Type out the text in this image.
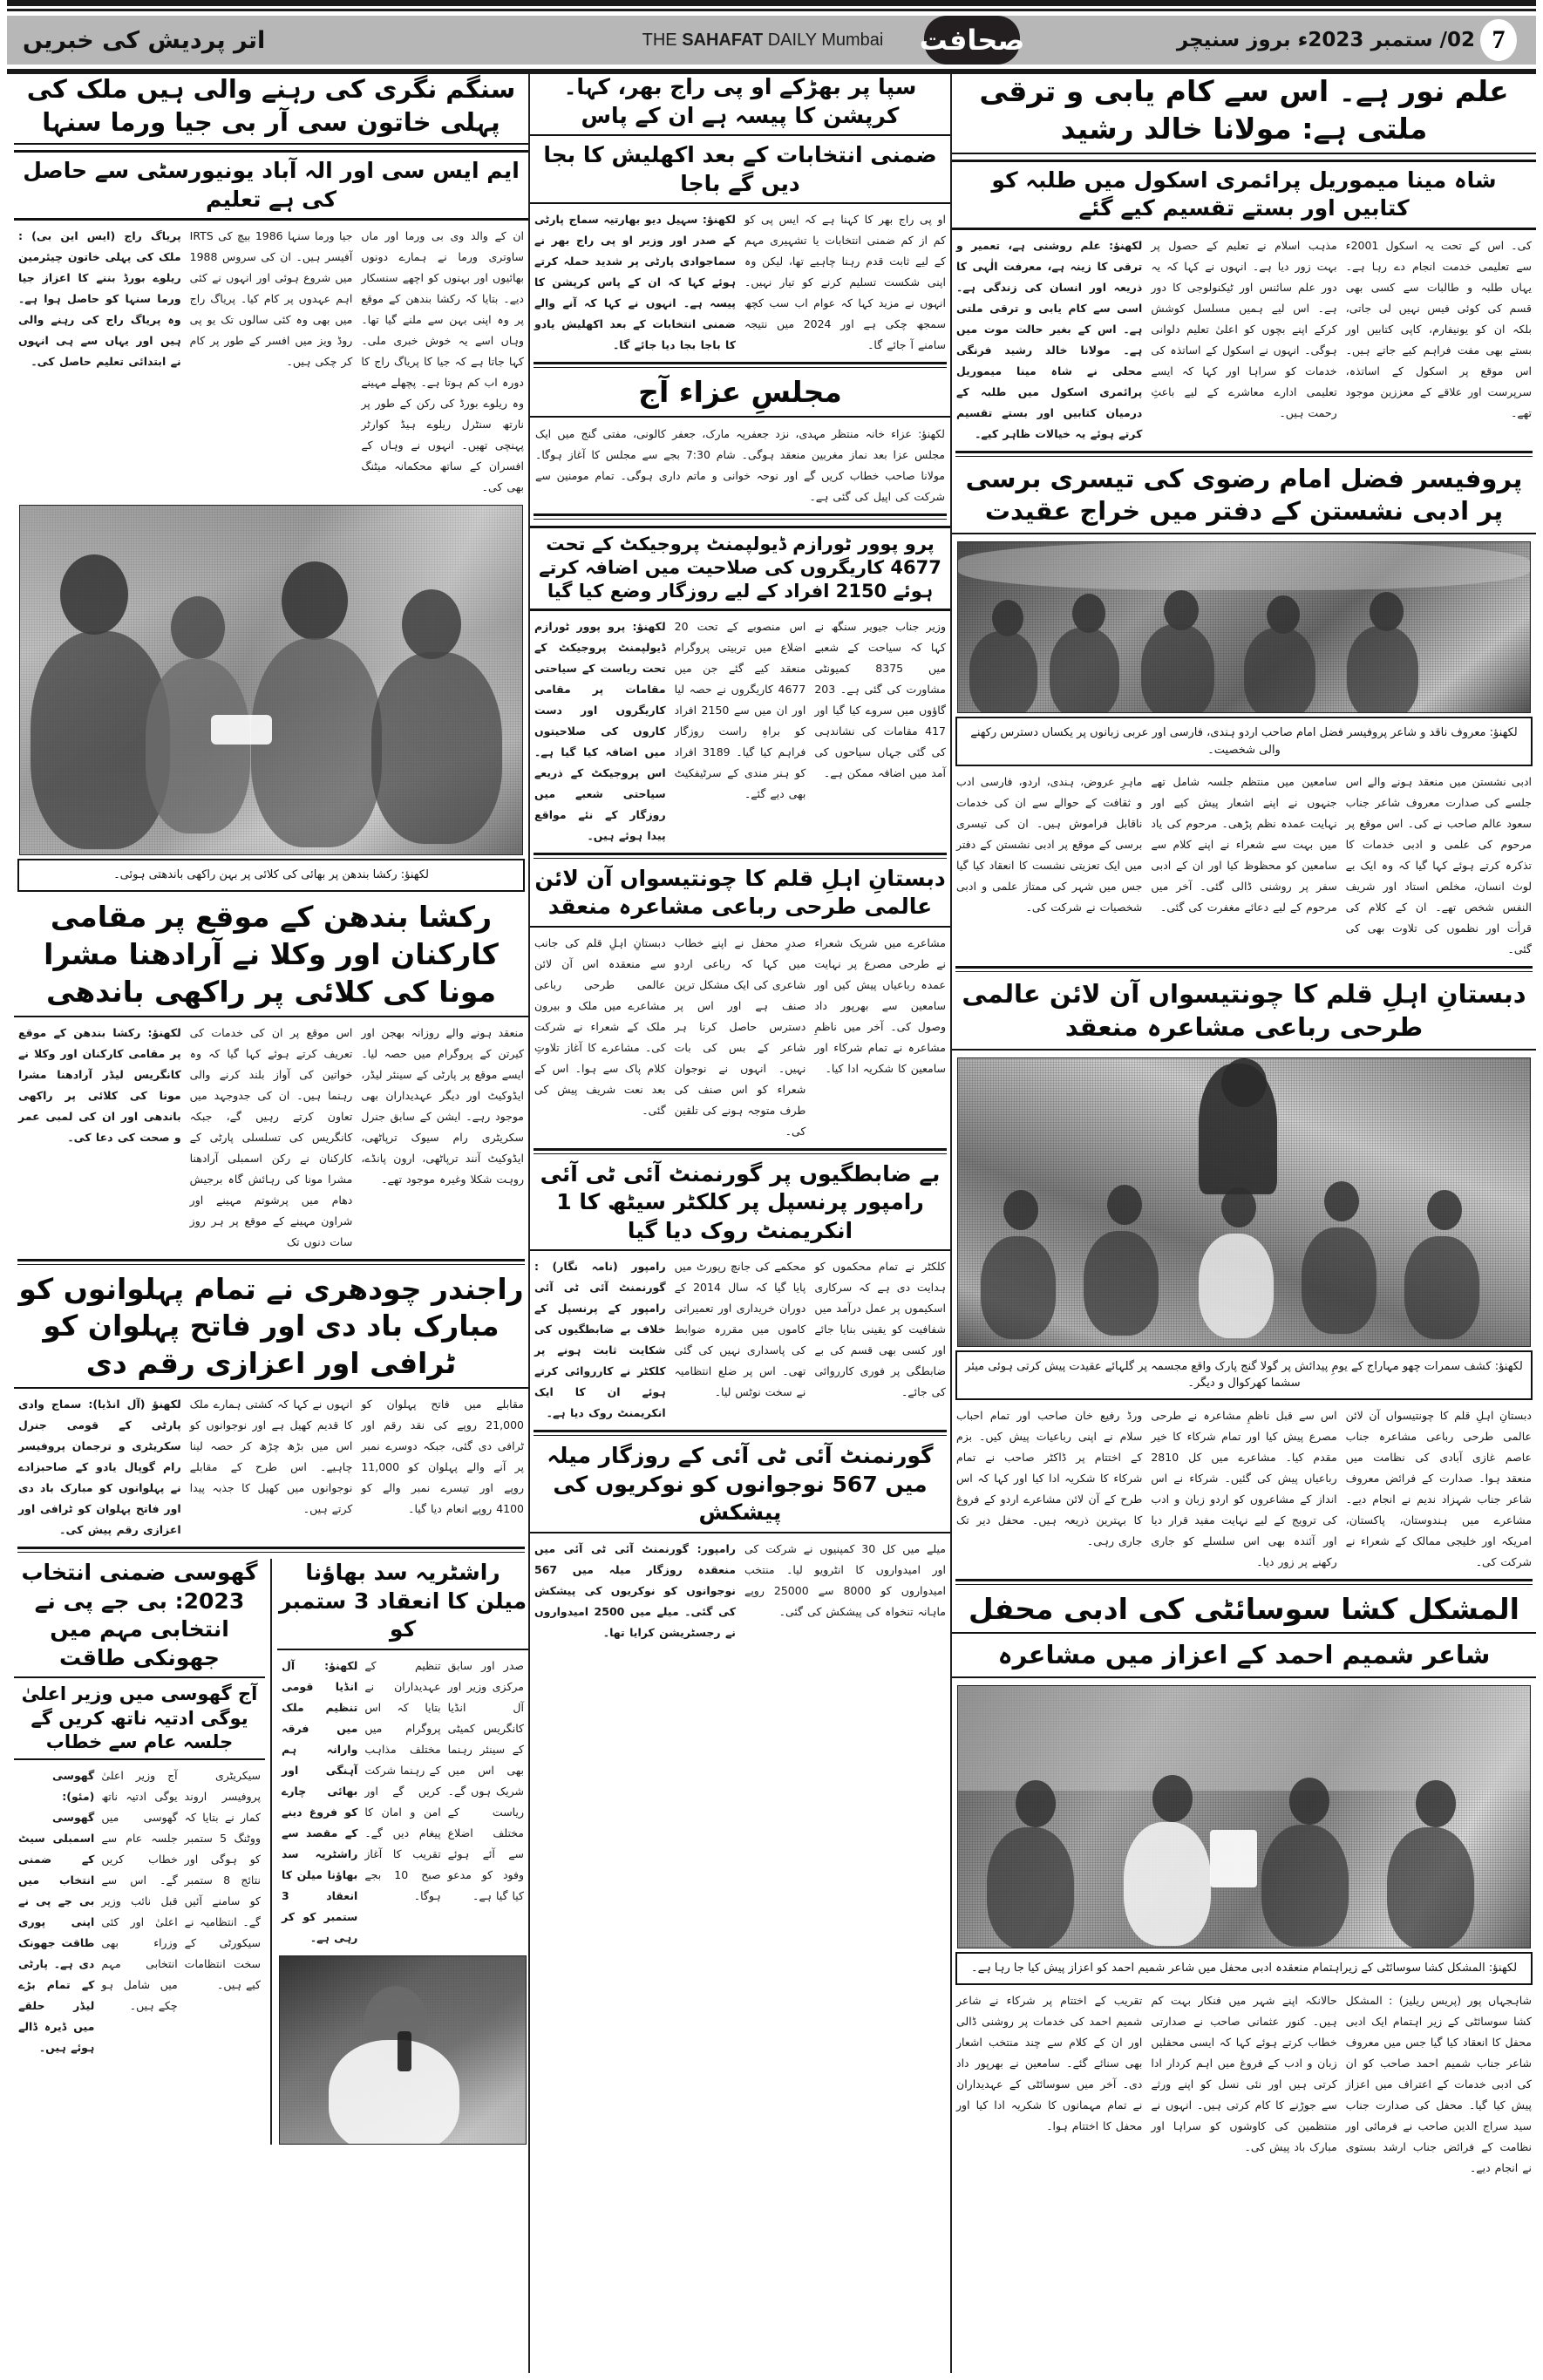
7
02/ ستمبر 2023ء بروز سنیچر
صحافت
THE SAHAFAT DAILY Mumbai
اتر پردیش کی خبریں
علم نور ہے۔ اس سے کام یابی و ترقی ملتی ہے: مولانا خالد رشید
شاہ مینا میموریل پرائمری اسکول میں طلبہ کو کتابیں اور بستے تقسیم کیے گئے
کی۔ اس کے تحت یہ اسکول 2001ء سے تعلیمی خدمت انجام دے رہا ہے۔ یہاں طلبہ و طالبات سے کسی بھی قسم کی کوئی فیس نہیں لی جاتی، بلکہ ان کو یونیفارم، کاپی کتابیں اور بستے بھی مفت فراہم کیے جاتے ہیں۔ اس موقع پر اسکول کے اساتذہ، سرپرست اور علاقے کے معززین موجود تھے۔
مذہب اسلام نے تعلیم کے حصول پر بہت زور دیا ہے۔ انہوں نے کہا کہ یہ دور علم سائنس اور ٹیکنولوجی کا دور ہے۔ اس لیے ہمیں مسلسل کوشش کرکے اپنے بچوں کو اعلیٰ تعلیم دلوانی ہوگی۔ انہوں نے اسکول کے اساتذہ کی خدمات کو سراہا اور کہا کہ ایسے تعلیمی ادارے معاشرے کے لیے باعثِ رحمت ہیں۔
لکھنؤ: علم روشنی ہے، تعمیر و ترقی کا زینہ ہے، معرفت الٰہی کا ذریعہ اور انسان کی زندگی ہے۔ اسی سے کام یابی و ترقی ملتی ہے۔ اس کے بغیر حالت موت میں ہے۔ مولانا خالد رشید فرنگی محلی نے شاہ مینا میموریل پرائمری اسکول میں طلبہ کے درمیان کتابیں اور بستے تقسیم کرتے ہوئے یہ خیالات ظاہر کیے۔
پروفیسر فضل امام رضوی کی تیسری برسی پر ادبی نشستن کے دفتر میں خراج عقیدت
لکھنؤ: معروف ناقد و شاعر پروفیسر فضل امام صاحب اردو ہندی، فارسی اور عربی زبانوں پر یکساں دسترس رکھنے والی شخصیت۔
ادبی نشستن میں منعقد ہونے والے اس جلسے کی صدارت معروف شاعر جناب سعود عالم صاحب نے کی۔ اس موقع پر مرحوم کی علمی و ادبی خدمات کا تذکرہ کرتے ہوئے کہا گیا کہ وہ ایک بے لوث انسان، مخلص استاد اور شریف النفس شخص تھے۔ ان کے کلام کی قرأت اور نظموں کی تلاوت بھی کی گئی۔
سامعین میں منتظم جلسہ شامل تھے جنہوں نے اپنے اشعار پیش کیے اور نہایت عمدہ نظم پڑھی۔ مرحوم کی یاد میں بہت سے شعراء نے اپنے کلام سے سامعین کو محظوظ کیا اور ان کے ادبی سفر پر روشنی ڈالی گئی۔ آخر میں مرحوم کے لیے دعائے مغفرت کی گئی۔
ماہرِ عروض، ہندی، اردو، فارسی ادب و ثقافت کے حوالے سے ان کی خدمات ناقابل فراموش ہیں۔ ان کی تیسری برسی کے موقع پر ادبی نشستن کے دفتر میں ایک تعزیتی نشست کا انعقاد کیا گیا جس میں شہر کی ممتاز علمی و ادبی شخصیات نے شرکت کی۔
دبستانِ اہلِ قلم کا چونتیسواں آن لائن عالمی طرحی رباعی مشاعرہ منعقد
لکھنؤ: کشف سمرات چھو مہاراج کے یومِ پیدائش پر گولا گنج پارک واقع مجسمہ پر گلہائے عقیدت پیش کرتی ہوئی میئر سشما کھرکوال و دیگر۔
دبستانِ اہلِ قلم کا چونتیسواں آن لائن عالمی طرحی رباعی مشاعرہ جناب عاصم غازی آبادی کی نظامت میں منعقد ہوا۔ صدارت کے فرائض معروف شاعر جناب شہزاد ندیم نے انجام دیے۔ مشاعرے میں ہندوستان، پاکستان، امریکہ اور خلیجی ممالک کے شعراء نے شرکت کی۔
اس سے قبل ناظمِ مشاعرہ نے طرحی مصرع پیش کیا اور تمام شرکاء کا خیر مقدم کیا۔ مشاعرے میں کل 2810 رباعیاں پیش کی گئیں۔ شرکاء نے اس انداز کے مشاعروں کو اردو زبان و ادب کی ترویج کے لیے نہایت مفید قرار دیا اور آئندہ بھی اس سلسلے کو جاری رکھنے پر زور دیا۔
ورڈ رفیع خان صاحب اور تمام احباب سلام نے اپنی رباعیات پیش کیں۔ بزم کے اختتام پر ڈاکٹر صاحب نے تمام شرکاء کا شکریہ ادا کیا اور کہا کہ اس طرح کے آن لائن مشاعرے اردو کے فروغ کا بہترین ذریعہ ہیں۔ محفل دیر تک جاری رہی۔
المشکل کشا سوسائٹی کی ادبی محفل
شاعر شمیم احمد کے اعزاز میں مشاعرہ
لکھنؤ: المشکل کشا سوسائٹی کے زیراہتمام منعقدہ ادبی محفل میں شاعر شمیم احمد کو اعزاز پیش کیا جا رہا ہے۔
شاہجہاں پور (پریس ریلیز) : المشکل کشا سوسائٹی کے زیر اہتمام ایک ادبی محفل کا انعقاد کیا گیا جس میں معروف شاعر جناب شمیم احمد صاحب کو ان کی ادبی خدمات کے اعتراف میں اعزاز پیش کیا گیا۔ محفل کی صدارت جناب سید سراج الدین صاحب نے فرمائی اور نظامت کے فرائض جناب ارشد بستوی نے انجام دیے۔
حالانکہ اپنے شہر میں فنکار بہت کم ہیں۔ کنور عثمانی صاحب نے صدارتی خطاب کرتے ہوئے کہا کہ ایسی محفلیں زبان و ادب کے فروغ میں اہم کردار ادا کرتی ہیں اور نئی نسل کو اپنے ورثے سے جوڑنے کا کام کرتی ہیں۔ انہوں نے منتظمین کی کاوشوں کو سراہا اور مبارک باد پیش کی۔
تقریب کے اختتام پر شرکاء نے شاعر شمیم احمد کی خدمات پر روشنی ڈالی اور ان کے کلام سے چند منتخب اشعار بھی سنائے گئے۔ سامعین نے بھرپور داد دی۔ آخر میں سوسائٹی کے عہدیداران نے تمام مہمانوں کا شکریہ ادا کیا اور محفل کا اختتام ہوا۔
سپا پر بھڑکے او پی راج بھر، کہا۔ کرپشن کا پیسہ ہے ان کے پاس
ضمنی انتخابات کے بعد اکھلیش کا بجا دیں گے باجا
او پی راج بھر کا کہنا ہے کہ ایس پی کو کم از کم ضمنی انتخابات یا تشہیری مہم کے لیے ثابت قدم رہنا چاہیے تھا، لیکن وہ اپنی شکست تسلیم کرنے کو تیار نہیں۔ انہوں نے مزید کہا کہ عوام اب سب کچھ سمجھ چکی ہے اور 2024 میں نتیجہ سامنے آ جائے گا۔
لکھنؤ: سہیل دیو بھارتیہ سماج پارٹی کے صدر اور وزیر او پی راج بھر نے سماجوادی پارٹی پر شدید حملہ کرتے ہوئے کہا کہ ان کے پاس کرپشن کا پیسہ ہے۔ انہوں نے کہا کہ آنے والے ضمنی انتخابات کے بعد اکھلیش یادو کا باجا بجا دیا جائے گا۔
مجلسِ عزاء آج
لکھنؤ: عزاء خانہ منتظر مہدی، نزد جعفریہ مارک، جعفر کالونی، مفتی گنج میں ایک مجلس عزا بعد نماز مغربین منعقد ہوگی۔ شام 7:30 بجے سے مجلس کا آغاز ہوگا۔ مولانا صاحب خطاب کریں گے اور نوحہ خوانی و ماتم داری ہوگی۔ تمام مومنین سے شرکت کی اپیل کی گئی ہے۔
پرو پوور ٹورازم ڈیولپمنٹ پروجیکٹ کے تحت 4677 کاریگروں کی صلاحیت میں اضافہ کرتے ہوئے 2150 افراد کے لیے روزگار وضع کیا گیا
وزیر جناب جیویر سنگھ نے کہا کہ سیاحت کے شعبے میں 8375 کمیونٹی مشاورت کی گئی ہے۔ 203 گاؤوں میں سروے کیا گیا اور 417 مقامات کی نشاندہی کی گئی جہاں سیاحوں کی آمد میں اضافہ ممکن ہے۔
اس منصوبے کے تحت 20 اضلاع میں تربیتی پروگرام منعقد کیے گئے جن میں 4677 کاریگروں نے حصہ لیا اور ان میں سے 2150 افراد کو براہِ راست روزگار فراہم کیا گیا۔ 3189 افراد کو ہنر مندی کے سرٹیفکیٹ بھی دیے گئے۔
لکھنؤ: پرو پوور ٹورازم ڈیولپمنٹ پروجیکٹ کے تحت ریاست کے سیاحتی مقامات پر مقامی کاریگروں اور دست کاروں کی صلاحیتوں میں اضافہ کیا گیا ہے۔ اس پروجیکٹ کے ذریعے سیاحتی شعبے میں روزگار کے نئے مواقع پیدا ہوئے ہیں۔
دبستانِ اہلِ قلم کا چونتیسواں آن لائن عالمی طرحی رباعی مشاعرہ منعقد
مشاعرے میں شریک شعراء نے طرحی مصرع پر نہایت عمدہ رباعیاں پیش کیں اور سامعین سے بھرپور داد وصول کی۔ آخر میں ناظمِ مشاعرہ نے تمام شرکاء اور سامعین کا شکریہ ادا کیا۔
صدرِ محفل نے اپنے خطاب میں کہا کہ رباعی اردو شاعری کی ایک مشکل ترین صنف ہے اور اس پر دسترس حاصل کرنا ہر شاعر کے بس کی بات نہیں۔ انہوں نے نوجوان شعراء کو اس صنف کی طرف متوجہ ہونے کی تلقین کی۔
دبستانِ اہلِ قلم کی جانب سے منعقدہ اس آن لائن عالمی طرحی رباعی مشاعرے میں ملک و بیرون ملک کے شعراء نے شرکت کی۔ مشاعرے کا آغاز تلاوتِ کلام پاک سے ہوا۔ اس کے بعد نعت شریف پیش کی گئی۔
بے ضابطگیوں پر گورنمنٹ آئی ٹی آئی رامپور پرنسپل پر کلکٹر سیٹھ کا 1 انکریمنٹ روک دیا گیا
کلکٹر نے تمام محکموں کو ہدایت دی ہے کہ سرکاری اسکیموں پر عمل درآمد میں شفافیت کو یقینی بنایا جائے اور کسی بھی قسم کی بے ضابطگی پر فوری کارروائی کی جائے۔
محکمے کی جانچ رپورٹ میں پایا گیا کہ سال 2014 کے دوران خریداری اور تعمیراتی کاموں میں مقررہ ضوابط کی پاسداری نہیں کی گئی تھی۔ اس پر ضلع انتظامیہ نے سخت نوٹس لیا۔
رامپور (نامہ نگار) : گورنمنٹ آئی ٹی آئی رامپور کے پرنسپل کے خلاف بے ضابطگیوں کی شکایت ثابت ہونے پر کلکٹر نے کارروائی کرتے ہوئے ان کا ایک انکریمنٹ روک دیا ہے۔
گورنمنٹ آئی ٹی آئی کے روزگار میلہ میں 567 نوجوانوں کو نوکریوں کی پیشکش
میلے میں کل 30 کمپنیوں نے شرکت کی اور امیدواروں کا انٹرویو لیا۔ منتخب امیدواروں کو 8000 سے 25000 روپے ماہانہ تنخواہ کی پیشکش کی گئی۔
رامپور: گورنمنٹ آئی ٹی آئی میں منعقدہ روزگار میلہ میں 567 نوجوانوں کو نوکریوں کی پیشکش کی گئی۔ میلے میں 2500 امیدواروں نے رجسٹریشن کرایا تھا۔
سنگم نگری کی رہنے والی ہیں ملک کی پہلی خاتون سی آر بی جیا ورما سنہا
ایم ایس سی اور الہ آباد یونیورسٹی سے حاصل کی ہے تعلیم
ان کے والد وی بی ورما اور ماں ساوتری ورما نے ہمارے دونوں بھائیوں اور بہنوں کو اچھے سنسکار دیے۔ بتایا کہ رکشا بندھن کے موقع پر وہ اپنی بہن سے ملنے گیا تھا۔ وہاں اسے یہ خوش خبری ملی۔ کہا جاتا ہے کہ جیا کا پریاگ راج کا دورہ اب کم ہوتا ہے۔ پچھلے مہینے وہ ریلوے بورڈ کی رکن کے طور پر نارتھ سنٹرل ریلوے ہیڈ کوارٹر پہنچی تھیں۔ انہوں نے وہاں کے افسران کے ساتھ محکمانہ میٹنگ بھی کی۔
جیا ورما سنہا 1986 بیچ کی IRTS آفیسر ہیں۔ ان کی سروس 1988 میں شروع ہوئی اور انہوں نے کئی اہم عہدوں پر کام کیا۔ پریاگ راج میں بھی وہ کئی سالوں تک یو پی روڈ ویز میں افسر کے طور پر کام کر چکی ہیں۔
پریاگ راج (ایس این بی) : ملک کی پہلی خاتون چیئرمین ریلوے بورڈ بننے کا اعزاز جیا ورما سنہا کو حاصل ہوا ہے۔ وہ پریاگ راج کی رہنے والی ہیں اور یہاں سے ہی انہوں نے ابتدائی تعلیم حاصل کی۔
لکھنؤ: رکشا بندھن پر بھائی کی کلائی پر بہن راکھی باندھتی ہوئی۔
رکشا بندھن کے موقع پر مقامی کارکنان اور وکلا نے آرادھنا مشرا مونا کی کلائی پر راکھی باندھی
منعقد ہونے والے روزانہ بھجن اور کیرتن کے پروگرام میں حصہ لیا۔ ایسے موقع پر پارٹی کے سینئر لیڈر، ایڈوکیٹ اور دیگر عہدیداران بھی موجود رہے۔ ایشن کے سابق جنرل سکریٹری رام سیوک ترپاٹھی، ایڈوکیٹ آنند ترپاٹھی، ارون پانڈے، روہت شکلا وغیرہ موجود تھے۔
اس موقع پر ان کی خدمات کی تعریف کرتے ہوئے کہا گیا کہ وہ خواتین کی آواز بلند کرنے والی رہنما ہیں۔ ان کی جدوجہد میں تعاون کرتے رہیں گے، جبکہ کانگریس کی تسلسلی پارٹی کے کارکنان نے رکن اسمبلی آرادھنا مشرا مونا کی رہائش گاہ برجیش دھام میں پرشوتم مہینے اور شراون مہینے کے موقع پر ہر روز سات دنوں تک
لکھنؤ: رکشا بندھن کے موقع پر مقامی کارکنان اور وکلا نے کانگریس لیڈر آرادھنا مشرا مونا کی کلائی پر راکھی باندھی اور ان کی لمبی عمر و صحت کی دعا کی۔
راجندر چودھری نے تمام پہلوانوں کو مبارک باد دی اور فاتح پہلوان کو ٹرافی اور اعزازی رقم دی
مقابلے میں فاتح پہلوان کو 21,000 روپے کی نقد رقم اور ٹرافی دی گئی، جبکہ دوسرے نمبر پر آنے والے پہلوان کو 11,000 روپے اور تیسرے نمبر والے کو 4100 روپے انعام دیا گیا۔
انہوں نے کہا کہ کشتی ہمارے ملک کا قدیم کھیل ہے اور نوجوانوں کو اس میں بڑھ چڑھ کر حصہ لینا چاہیے۔ اس طرح کے مقابلے نوجوانوں میں کھیل کا جذبہ پیدا کرتے ہیں۔
لکھنؤ (آل انڈیا): سماج وادی پارٹی کے قومی جنرل سکریٹری و ترجمان پروفیسر رام گوپال یادو کے صاحبزادے نے پہلوانوں کو مبارک باد دی اور فاتح پہلوان کو ٹرافی اور اعزازی رقم پیش کی۔
راشٹریہ سد بھاؤنا میلن کا انعقاد 3 ستمبر کو
صدر اور سابق مرکزی وزیر اور آل انڈیا کانگریس کمیٹی کے سینئر رہنما بھی اس میں شریک ہوں گے۔ ریاست کے مختلف اضلاع سے آئے ہوئے وفود کو مدعو کیا گیا ہے۔
تنظیم کے عہدیداران نے بتایا کہ اس پروگرام میں مختلف مذاہب کے رہنما شرکت کریں گے اور امن و امان کا پیغام دیں گے۔ تقریب کا آغاز صبح 10 بجے ہوگا۔
لکھنؤ: آل انڈیا قومی تنظیم ملک میں فرقہ وارانہ ہم آہنگی اور بھائی چارے کو فروغ دینے کے مقصد سے راشٹریہ سد بھاؤنا میلن کا انعقاد 3 ستمبر کو کر رہی ہے۔
گھوسی ضمنی انتخاب 2023: بی جے پی نے انتخابی مہم میں جھونکی طاقت
آج گھوسی میں وزیر اعلیٰ یوگی ادتیہ ناتھ کریں گے جلسہ عام سے خطاب
سیکریٹری پروفیسر اروند کمار نے بتایا کہ ووٹنگ 5 ستمبر کو ہوگی اور نتائج 8 ستمبر کو سامنے آئیں گے۔ انتظامیہ نے سیکورٹی کے سخت انتظامات کیے ہیں۔
آج وزیر اعلیٰ یوگی ادتیہ ناتھ گھوسی میں جلسہ عام سے خطاب کریں گے۔ اس سے قبل نائب وزیر اعلیٰ اور کئی وزراء بھی انتخابی مہم میں شامل ہو چکے ہیں۔
گھوسی (مئو): گھوسی اسمبلی سیٹ کے ضمنی انتخاب میں بی جے پی نے اپنی پوری طاقت جھونک دی ہے۔ پارٹی کے تمام بڑے لیڈر حلقے میں ڈیرہ ڈالے ہوئے ہیں۔
